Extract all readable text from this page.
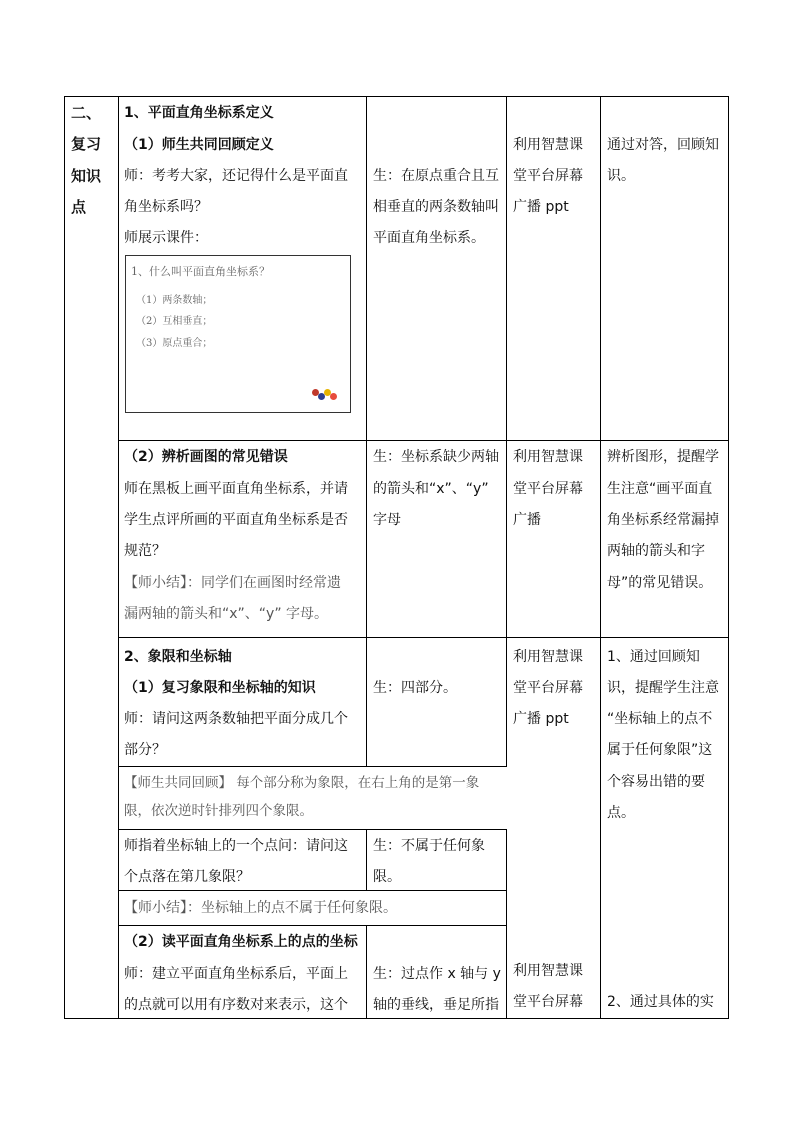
二、
复习
知识
点
1、平面直角坐标系定义
（1）师生共同回顾定义
师：考考大家，还记得什么是平面直
角坐标系吗？
师展示课件：
1、什么叫平面直角坐标系？
（1）两条数轴；
（2）互相垂直；
（3）原点重合；
生：在原点重合且互
相垂直的两条数轴叫
平面直角坐标系。
利用智慧课
堂平台屏幕
广播 ppt
通过对答，回顾知
识。
（2）辨析画图的常见错误
师在黑板上画平面直角坐标系，并请
学生点评所画的平面直角坐标系是否
规范？
【师小结】：同学们在画图时经常遗
漏两轴的箭头和“x”、“y” 字母。
生：坐标系缺少两轴
的箭头和“x”、“y”
字母
利用智慧课
堂平台屏幕
广播
辨析图形，提醒学
生注意“画平面直
角坐标系经常漏掉
两轴的箭头和字
母”的常见错误。
2、象限和坐标轴
（1）复习象限和坐标轴的知识
师：请问这两条数轴把平面分成几个
部分？
生：四部分。
利用智慧课
堂平台屏幕
广播 ppt
1、通过回顾知
识，提醒学生注意
“坐标轴上的点不
属于任何象限”这
个容易出错的要
点。
【师生共同回顾】 每个部分称为象限，在右上角的是第一象
限，依次逆时针排列四个象限。
师指着坐标轴上的一个点问：请问这
个点落在第几象限？
生：不属于任何象
限。
【师小结】：坐标轴上的点不属于任何象限。
（2）读平面直角坐标系上的点的坐标
师：建立平面直角坐标系后，平面上
的点就可以用有序数对来表示，这个
生：过点作 x 轴与 y
轴的垂线，垂足所指
利用智慧课
堂平台屏幕 2、通过具体的实
